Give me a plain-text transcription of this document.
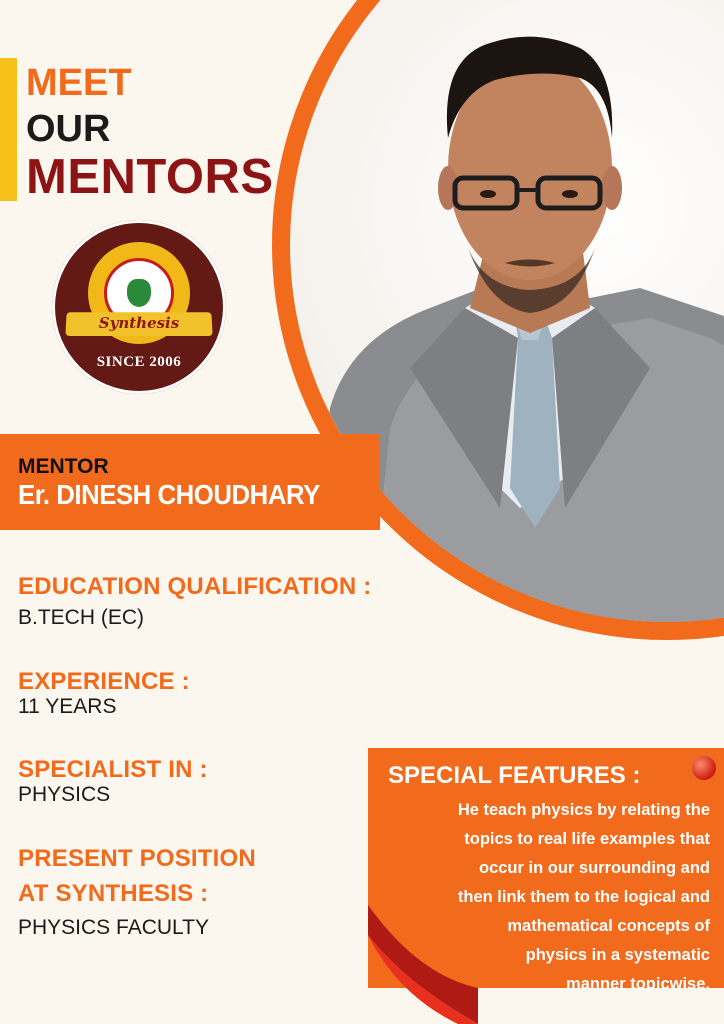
MEET
OUR
MENTORS
Synthesis
SINCE 2006
MENTOR
Er. DINESH CHOUDHARY
EDUCATION QUALIFICATION :
B.TECH (EC)
EXPERIENCE :
11 YEARS
SPECIALIST IN :
PHYSICS
PRESENT POSITION
AT SYNTHESIS :
PHYSICS FACULTY
SPECIAL FEATURES :
He teach physics by relating the
topics to real life examples that
occur in our surrounding and
then link them to the logical and
mathematical concepts of
physics in a systematic
manner topicwise.
